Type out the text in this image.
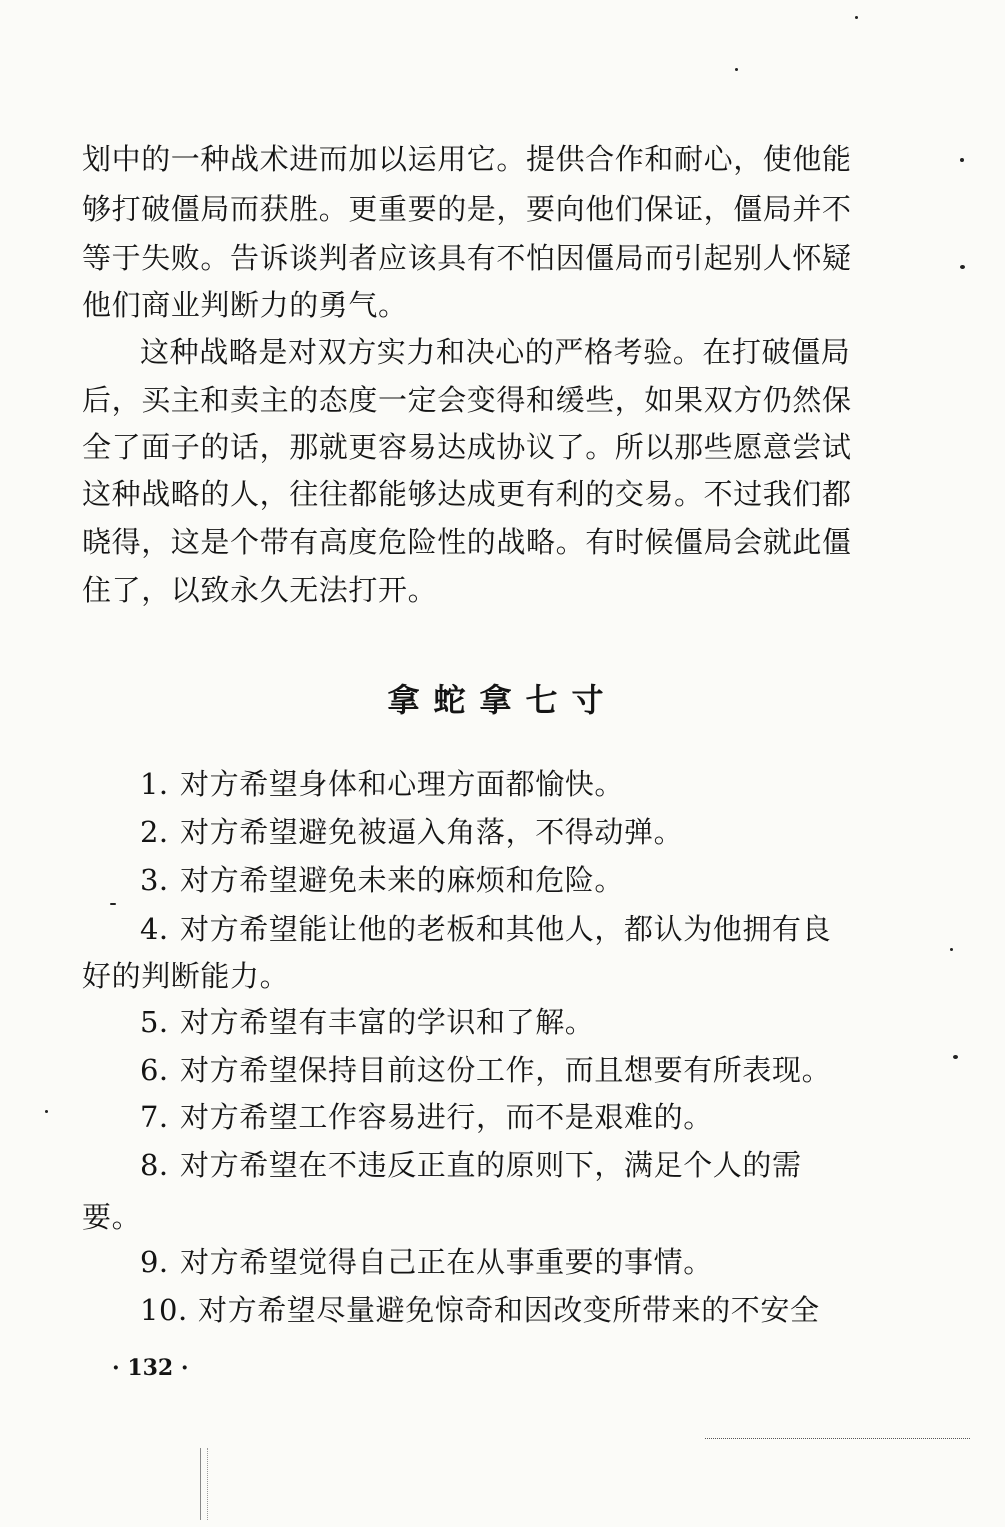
划中的一种战术进而加以运用它。提供合作和耐心，使他能
够打破僵局而获胜。更重要的是，要向他们保证，僵局并不
等于失败。告诉谈判者应该具有不怕因僵局而引起别人怀疑
他们商业判断力的勇气。
这种战略是对双方实力和决心的严格考验。在打破僵局
后，买主和卖主的态度一定会变得和缓些，如果双方仍然保
全了面子的话，那就更容易达成协议了。所以那些愿意尝试
这种战略的人，往往都能够达成更有利的交易。不过我们都
晓得，这是个带有高度危险性的战略。有时候僵局会就此僵
住了，以致永久无法打开。
拿蛇拿七寸
1．对方希望身体和心理方面都愉快。
2．对方希望避免被逼入角落，不得动弹。
3．对方希望避免未来的麻烦和危险。
4．对方希望能让他的老板和其他人，都认为他拥有良
好的判断能力。
5．对方希望有丰富的学识和了解。
6．对方希望保持目前这份工作，而且想要有所表现。
7．对方希望工作容易进行，而不是艰难的。
8．对方希望在不违反正直的原则下，满足个人的需
要。
9．对方希望觉得自己正在从事重要的事情。
10．对方希望尽量避免惊奇和因改变所带来的不安全
· 132 ·
